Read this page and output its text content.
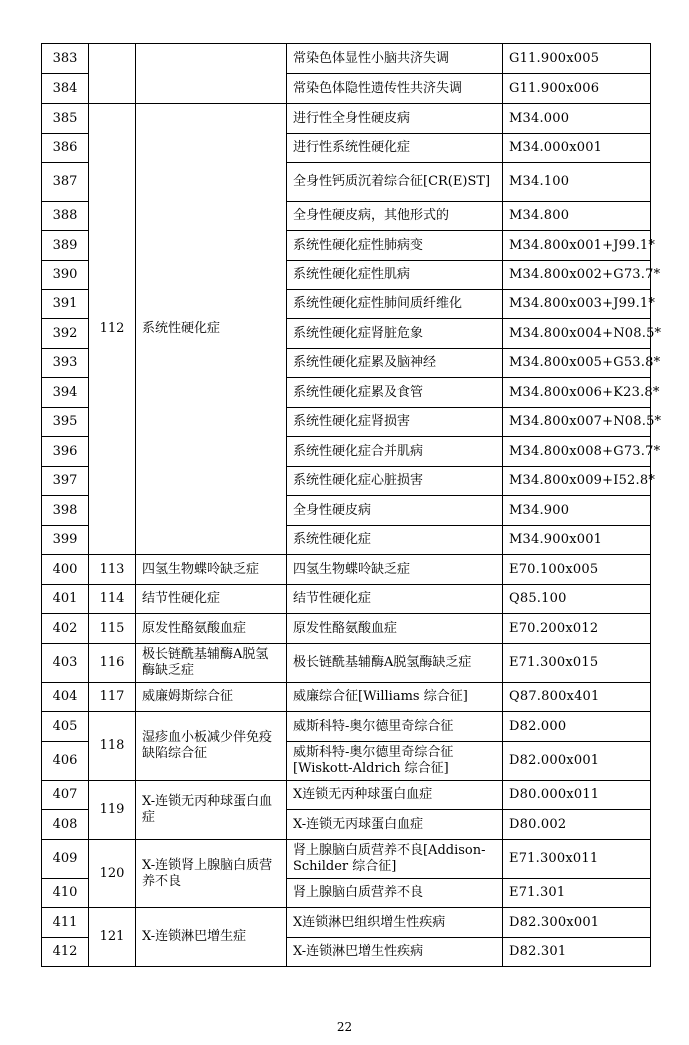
383			常染色体显性小脑共济失调	G11.900x005
384			常染色体隐性遗传性共济失调	G11.900x006
385	112	系统性硬化症	进行性全身性硬皮病	M34.000
386			进行性系统性硬化症	M34.000x001
387			全身性钙质沉着综合征[CR(E)ST]	M34.100
388			全身性硬皮病，其他形式的	M34.800
389			系统性硬化症性肺病变	M34.800x001+J99.1*
390			系统性硬化症性肌病	M34.800x002+G73.7*
391			系统性硬化症性肺间质纤维化	M34.800x003+J99.1*
392			系统性硬化症肾脏危象	M34.800x004+N08.5*
393			系统性硬化症累及脑神经	M34.800x005+G53.8*
394			系统性硬化症累及食管	M34.800x006+K23.8*
395			系统性硬化症肾损害	M34.800x007+N08.5*
396			系统性硬化症合并肌病	M34.800x008+G73.7*
397			系统性硬化症心脏损害	M34.800x009+I52.8*
398			全身性硬皮病	M34.900
399			系统性硬化症	M34.900x001
400	113	四氢生物蝶呤缺乏症	四氢生物蝶呤缺乏症	E70.100x005
401	114	结节性硬化症	结节性硬化症	Q85.100
402	115	原发性酪氨酸血症	原发性酪氨酸血症	E70.200x012
403	116	极长链酰基辅酶A脱氢酶缺乏症	极长链酰基辅酶A脱氢酶缺乏症	E71.300x015
404	117	威廉姆斯综合征	威廉综合征[Williams 综合征]	Q87.800x401
405	118	湿疹血小板减少伴免疫缺陷综合征	威斯科特-奥尔德里奇综合征	D82.000
406			威斯科特-奥尔德里奇综合征[Wiskott-Aldrich 综合征]	D82.000x001
407	119	X-连锁无丙种球蛋白血症	X连锁无丙种球蛋白血症	D80.000x011
408			X-连锁无丙球蛋白血症	D80.002
409	120	X-连锁肾上腺脑白质营养不良	肾上腺脑白质营养不良[Addison-Schilder 综合征]	E71.300x011
410			肾上腺脑白质营养不良	E71.301
411	121	X-连锁淋巴增生症	X连锁淋巴组织增生性疾病	D82.300x001
412			X-连锁淋巴增生性疾病	D82.301
22
